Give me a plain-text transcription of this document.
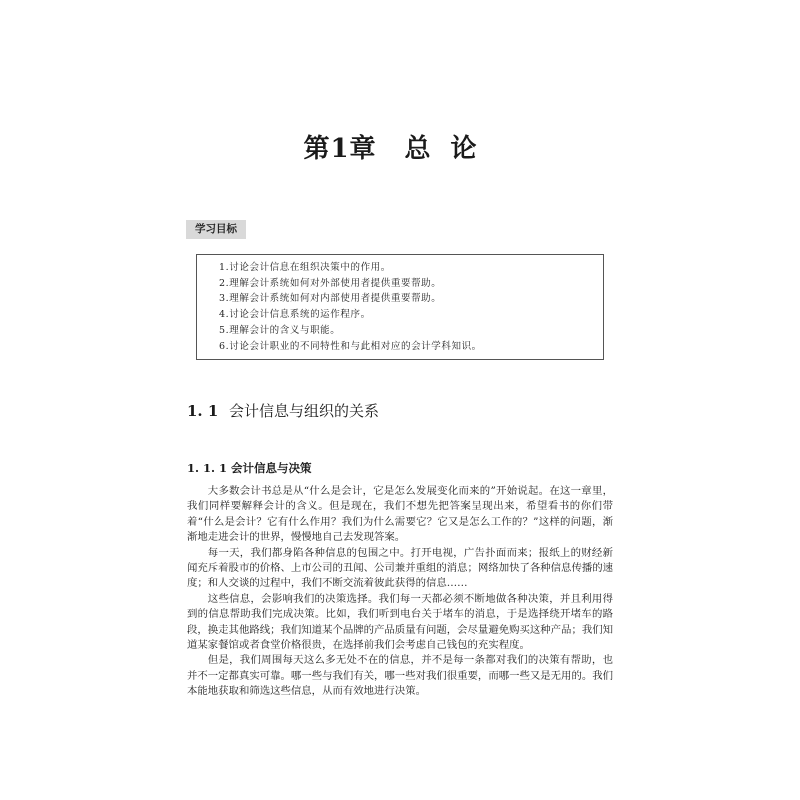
第1章 总论
学习目标
1.讨论会计信息在组织决策中的作用。
2.理解会计系统如何对外部使用者提供重要帮助。
3.理解会计系统如何对内部使用者提供重要帮助。
4.讨论会计信息系统的运作程序。
5.理解会计的含义与职能。
6.讨论会计职业的不同特性和与此相对应的会计学科知识。
1. 1 会计信息与组织的关系
1. 1. 1 会计信息与决策

大多数会计书总是从“什么是会计，它是怎么发展变化而来的”开始说起。在这一章里，我们同样要解释会计的含义。但是现在，我们不想先把答案呈现出来，希望看书的你们带着“什么是会计？它有什么作用？我们为什么需要它？它又是怎么工作的？”这样的问题，渐渐地走进会计的世界，慢慢地自己去发现答案。

每一天，我们都身陷各种信息的包围之中。打开电视，广告扑面而来；报纸上的财经新闻充斥着股市的价格、上市公司的丑闻、公司兼并重组的消息；网络加快了各种信息传播的速度；和人交谈的过程中，我们不断交流着彼此获得的信息……

这些信息，会影响我们的决策选择。我们每一天都必须不断地做各种决策，并且利用得到的信息帮助我们完成决策。比如，我们听到电台关于堵车的消息，于是选择绕开堵车的路段，换走其他路线；我们知道某个品牌的产品质量有问题，会尽量避免购买这种产品；我们知道某家餐馆或者食堂价格很贵，在选择前我们会考虑自己钱包的充实程度。

但是，我们周围每天这么多无处不在的信息，并不是每一条都对我们的决策有帮助，也并不一定都真实可靠。哪一些与我们有关，哪一些对我们很重要，而哪一些又是无用的。我们本能地获取和筛选这些信息，从而有效地进行决策。
